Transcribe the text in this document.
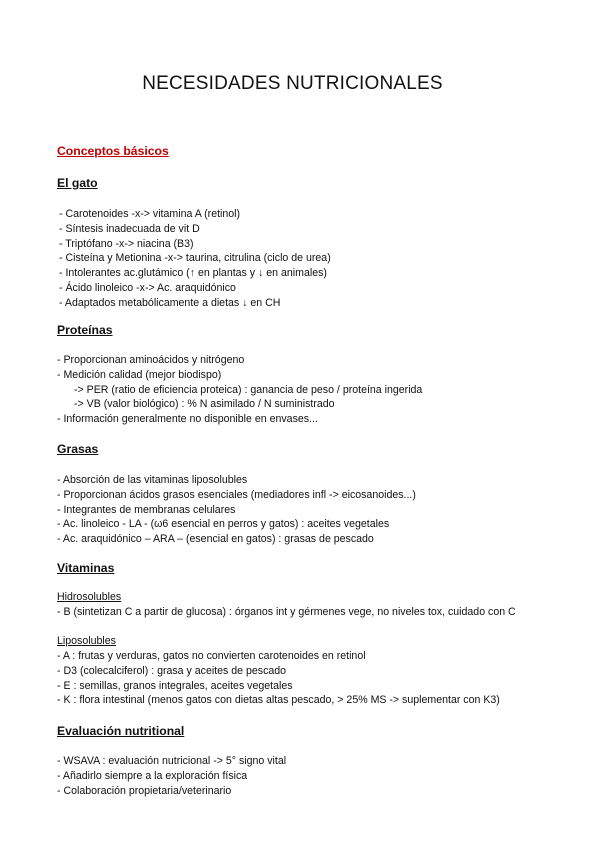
NECESIDADES NUTRICIONALES
Conceptos básicos
El gato
- Carotenoides -x-> vitamina A (retinol)
- Síntesis inadecuada de vit D
- Triptófano -x-> niacina (B3)
- Cisteína y Metionina -x-> taurina, citrulina (ciclo de urea)
- Intolerantes ac.glutámico (↑ en plantas y ↓ en animales)
- Ácido linoleico -x-> Ac. araquidónico
- Adaptados metabólicamente a dietas ↓ en CH
Proteínas
- Proporcionan aminoácidos y nitrógeno
- Medición calidad (mejor biodispo)
-> PER (ratio de eficiencia proteica) : ganancia de peso / proteína ingerida
-> VB (valor biológico) : % N asimilado / N suministrado
- Información generalmente no disponible en envases...
Grasas
- Absorción de las vitaminas liposolubles
- Proporcionan ácidos grasos esenciales (mediadores infl -> eicosanoides...)
- Integrantes de membranas celulares
- Ac. linoleico - LA - (ω6 esencial en perros y gatos) : aceites vegetales
- Ac. araquidónico – ARA – (esencial en gatos) : grasas de pescado
Vitaminas
Hidrosolubles
- B (sintetizan C a partir de glucosa) : órganos int y gérmenes vege, no niveles tox, cuidado con C
Liposolubles
- A : frutas y verduras, gatos no convierten carotenoides en retinol
- D3 (colecalciferol) : grasa y aceites de pescado
- E : semillas, granos integrales, aceites vegetales
- K : flora intestinal (menos gatos con dietas altas pescado, > 25% MS -> suplementar con K3)
Evaluación nutritional
- WSAVA : evaluación nutricional -> 5° signo vital
- Añadirlo siempre a la exploración física
- Colaboración propietaria/veterinario
